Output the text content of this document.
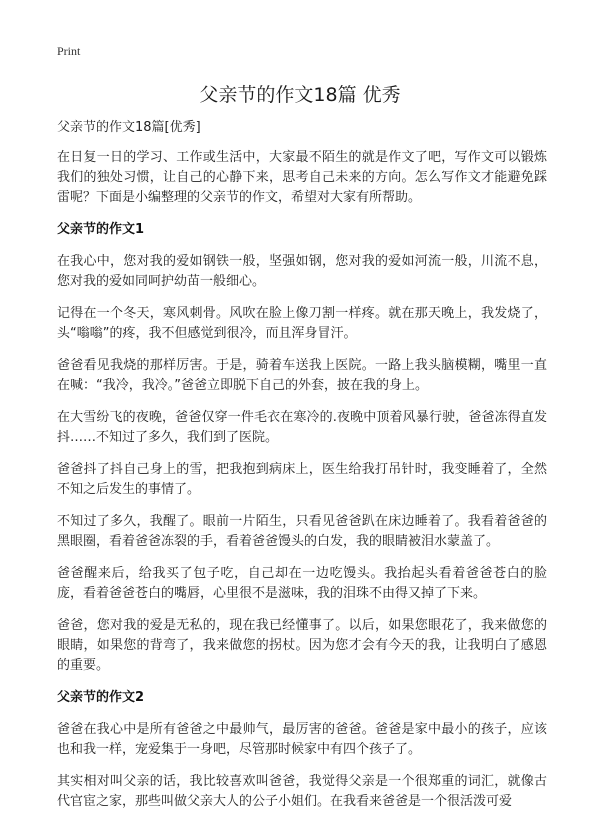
Print
父亲节的作文18篇 优秀

父亲节的作文18篇[优秀]

在日复一日的学习、工作或生活中，大家最不陌生的就是作文了吧，写作文可以锻炼我们的独处习惯，让自己的心静下来，思考自己未来的方向。怎么写作文才能避免踩雷呢？下面是小编整理的父亲节的作文，希望对大家有所帮助。

父亲节的作文1

在我心中，您对我的爱如钢铁一般，坚强如钢，您对我的爱如河流一般，川流不息，您对我的爱如同呵护幼苗一般细心。

记得在一个冬天，寒风刺骨。风吹在脸上像刀割一样疼。就在那天晚上，我发烧了，头“嗡嗡”的疼，我不但感觉到很冷，而且浑身冒汗。

爸爸看见我烧的那样厉害。于是，骑着车送我上医院。一路上我头脑模糊，嘴里一直在喊：“我冷，我冷。”爸爸立即脱下自己的外套，披在我的身上。

在大雪纷飞的夜晚，爸爸仅穿一件毛衣在寒冷的.夜晚中顶着风暴行驶，爸爸冻得直发抖……不知过了多久，我们到了医院。

爸爸抖了抖自己身上的雪，把我抱到病床上，医生给我打吊针时，我变睡着了，全然不知之后发生的事情了。

不知过了多久，我醒了。眼前一片陌生，只看见爸爸趴在床边睡着了。我看着爸爸的黑眼圈，看着爸爸冻裂的手，看着爸爸馒头的白发，我的眼睛被泪水蒙盖了。

爸爸醒来后，给我买了包子吃，自己却在一边吃馒头。我抬起头看着爸爸苍白的脸庞，看着爸爸苍白的嘴唇，心里很不是滋味，我的泪珠不由得又掉了下来。

爸爸，您对我的爱是无私的，现在我已经懂事了。以后，如果您眼花了，我来做您的眼睛，如果您的背弯了，我来做您的拐杖。因为您才会有今天的我，让我明白了感恩的重要。

父亲节的作文2

爸爸在我心中是所有爸爸之中最帅气，最厉害的爸爸。爸爸是家中最小的孩子，应该也和我一样，宠爱集于一身吧，尽管那时候家中有四个孩子了。

其实相对叫父亲的话，我比较喜欢叫爸爸，我觉得父亲是一个很郑重的词汇，就像古代官宦之家，那些叫做父亲大人的公子小姐们。在我看来爸爸是一个很活泼可爱
